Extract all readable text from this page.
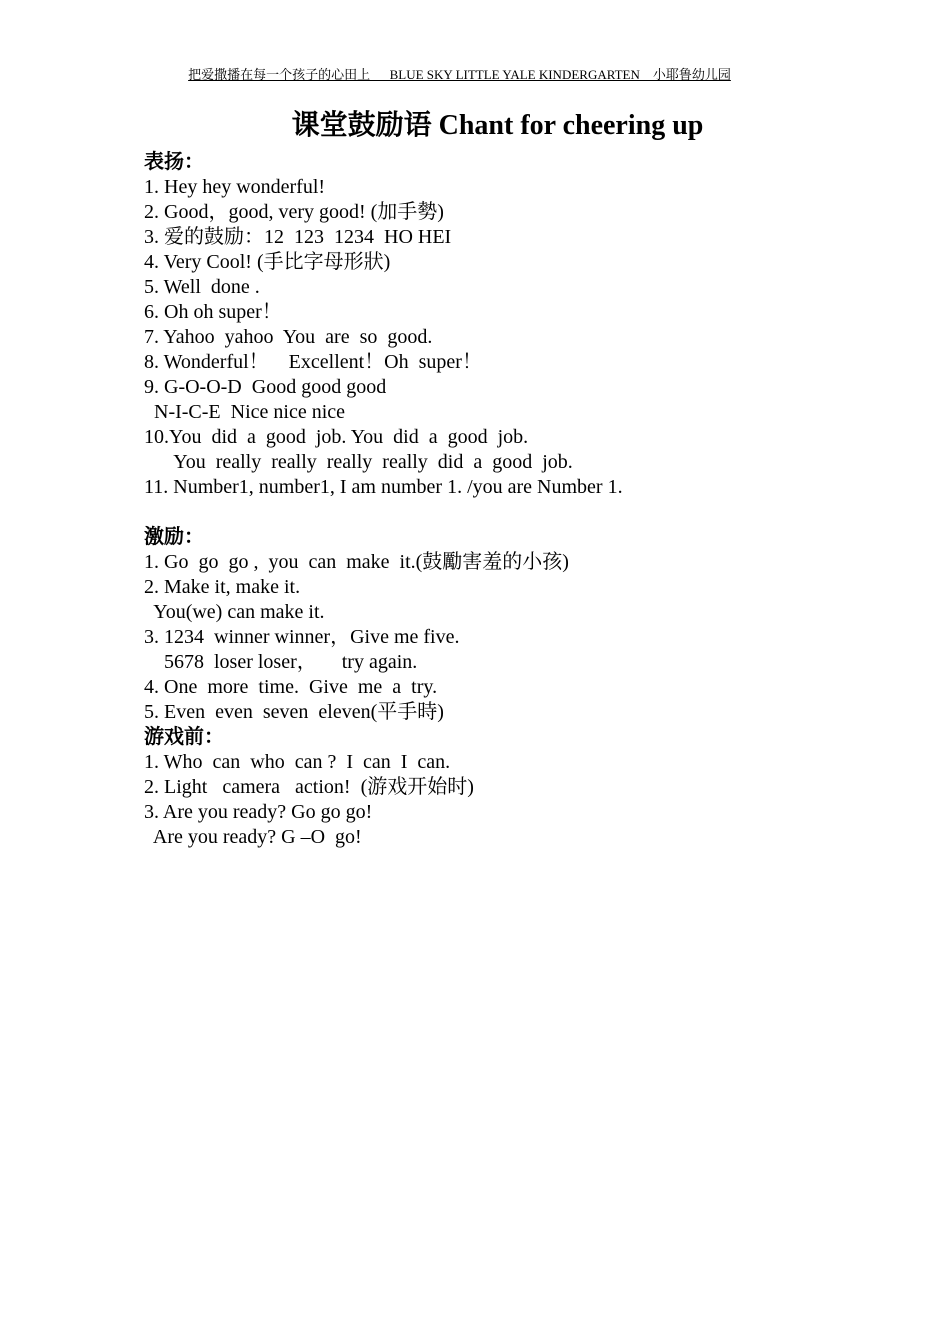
把爱撒播在每一个孩子的心田上      BLUE SKY LITTLE YALE KINDERGARTEN    小耶鲁幼儿园
课堂鼓励语 Chant for cheering up
表扬：
1. Hey hey wonderful!
2. Good，good, very good! (加手勢)
3. 爱的鼓励：12  123  1234  HO HEI
4. Very Cool! (手比字母形狀)
5. Well  done .
6. Oh oh super！
7. Yahoo  yahoo  You  are  so  good.
8. Wonderful！    Excellent！Oh  super！
9. G-O-O-D  Good good good
N-I-C-E  Nice nice nice
10.You  did  a  good  job. You  did  a  good  job.
You  really  really  really  really  did  a  good  job.
11. Number1, number1, I am number 1. /you are Number 1.
激励：
1. Go  go  go ,  you  can  make  it.(鼓勵害羞的小孩)
2. Make it, make it.
You(we) can make it.
3. 1234  winner winner，Give me five.
5678  loser loser，     try again.
4. One  more  time.  Give  me  a  try.
5. Even  even  seven  eleven(平手時)
游戏前：
1. Who  can  who  can ?  I  can  I  can.
2. Light   camera   action!  (游戏开始时)
3. Are you ready? Go go go!
Are you ready? G –O  go!
